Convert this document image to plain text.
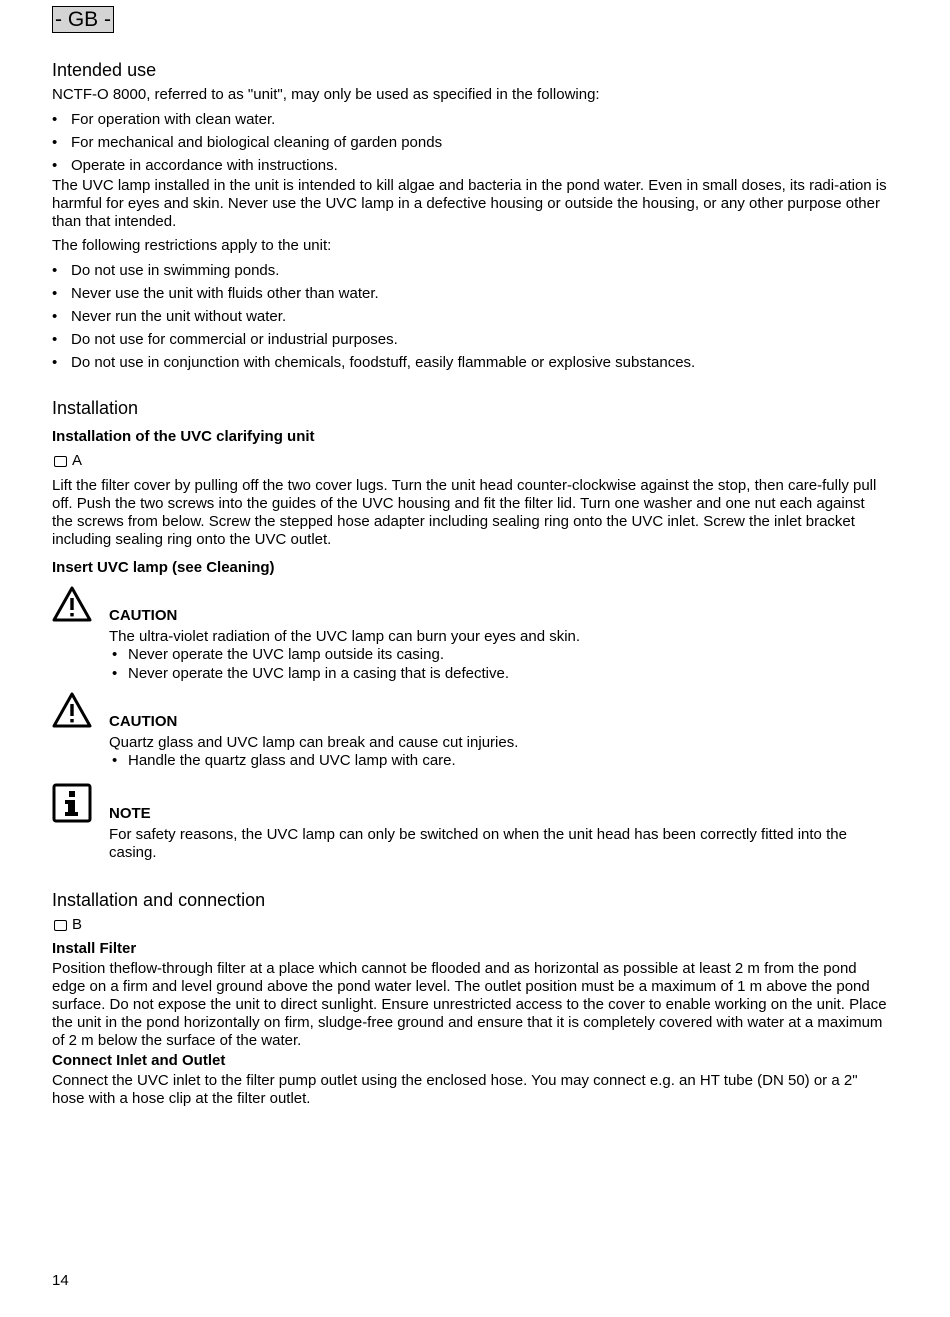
- GB -
Intended use

NCTF-O 8000, referred to as "unit", may only be used as specified in the following:

• For operation with clean water.
• For mechanical and biological cleaning of garden ponds
• Operate in accordance with instructions.

The UVC lamp installed in the unit is intended to kill algae and bacteria in the pond water. Even in small doses, its radi-ation is harmful for eyes and skin. Never use the UVC lamp in a defective housing or outside the housing, or any other purpose other than that intended.

The following restrictions apply to the unit:

• Do not use in swimming ponds.
• Never use the unit with fluids other than water.
• Never run the unit without water.
• Do not use for commercial or industrial purposes.
• Do not use in conjunction with chemicals, foodstuff, easily flammable or explosive substances.
Installation
Installation of the UVC clarifying unit
A

Lift the filter cover by pulling off the two cover lugs. Turn the unit head counter-clockwise against the stop, then care-fully pull off. Push the two screws into the guides of the UVC housing and fit the filter lid. Turn one washer and one nut each against the screws from below. Screw the stepped hose adapter including sealing ring onto the UVC inlet. Screw the inlet bracket including sealing ring onto the UVC outlet.

Insert UVC lamp (see Cleaning)
CAUTION

The ultra-violet radiation of the UVC lamp can burn your eyes and skin.

• Never operate the UVC lamp outside its casing.
• Never operate the UVC lamp in a casing that is defective.
CAUTION

Quartz glass and UVC lamp can break and cause cut injuries.

• Handle the quartz glass and UVC lamp with care.
NOTE

For safety reasons, the UVC lamp can only be switched on when the unit head has been correctly fitted into the casing.

Installation and connection
B
Install Filter

Position theflow-through filter at a place which cannot be flooded and as horizontal as possible at least 2 m from the pond edge on a firm and level ground above the pond water level. The outlet position must be a maximum of 1 m above the pond surface. Do not expose the unit to direct sunlight. Ensure unrestricted access to the cover to enable working on the unit. Place the unit in the pond horizontally on firm, sludge-free ground and ensure that it is completely covered with water at a maximum of 2 m below the surface of the water.

Connect Inlet and Outlet

Connect the UVC inlet to the filter pump outlet using the enclosed hose. You may connect e.g. an HT tube (DN 50) or a 2" hose with a hose clip at the filter outlet.

14
